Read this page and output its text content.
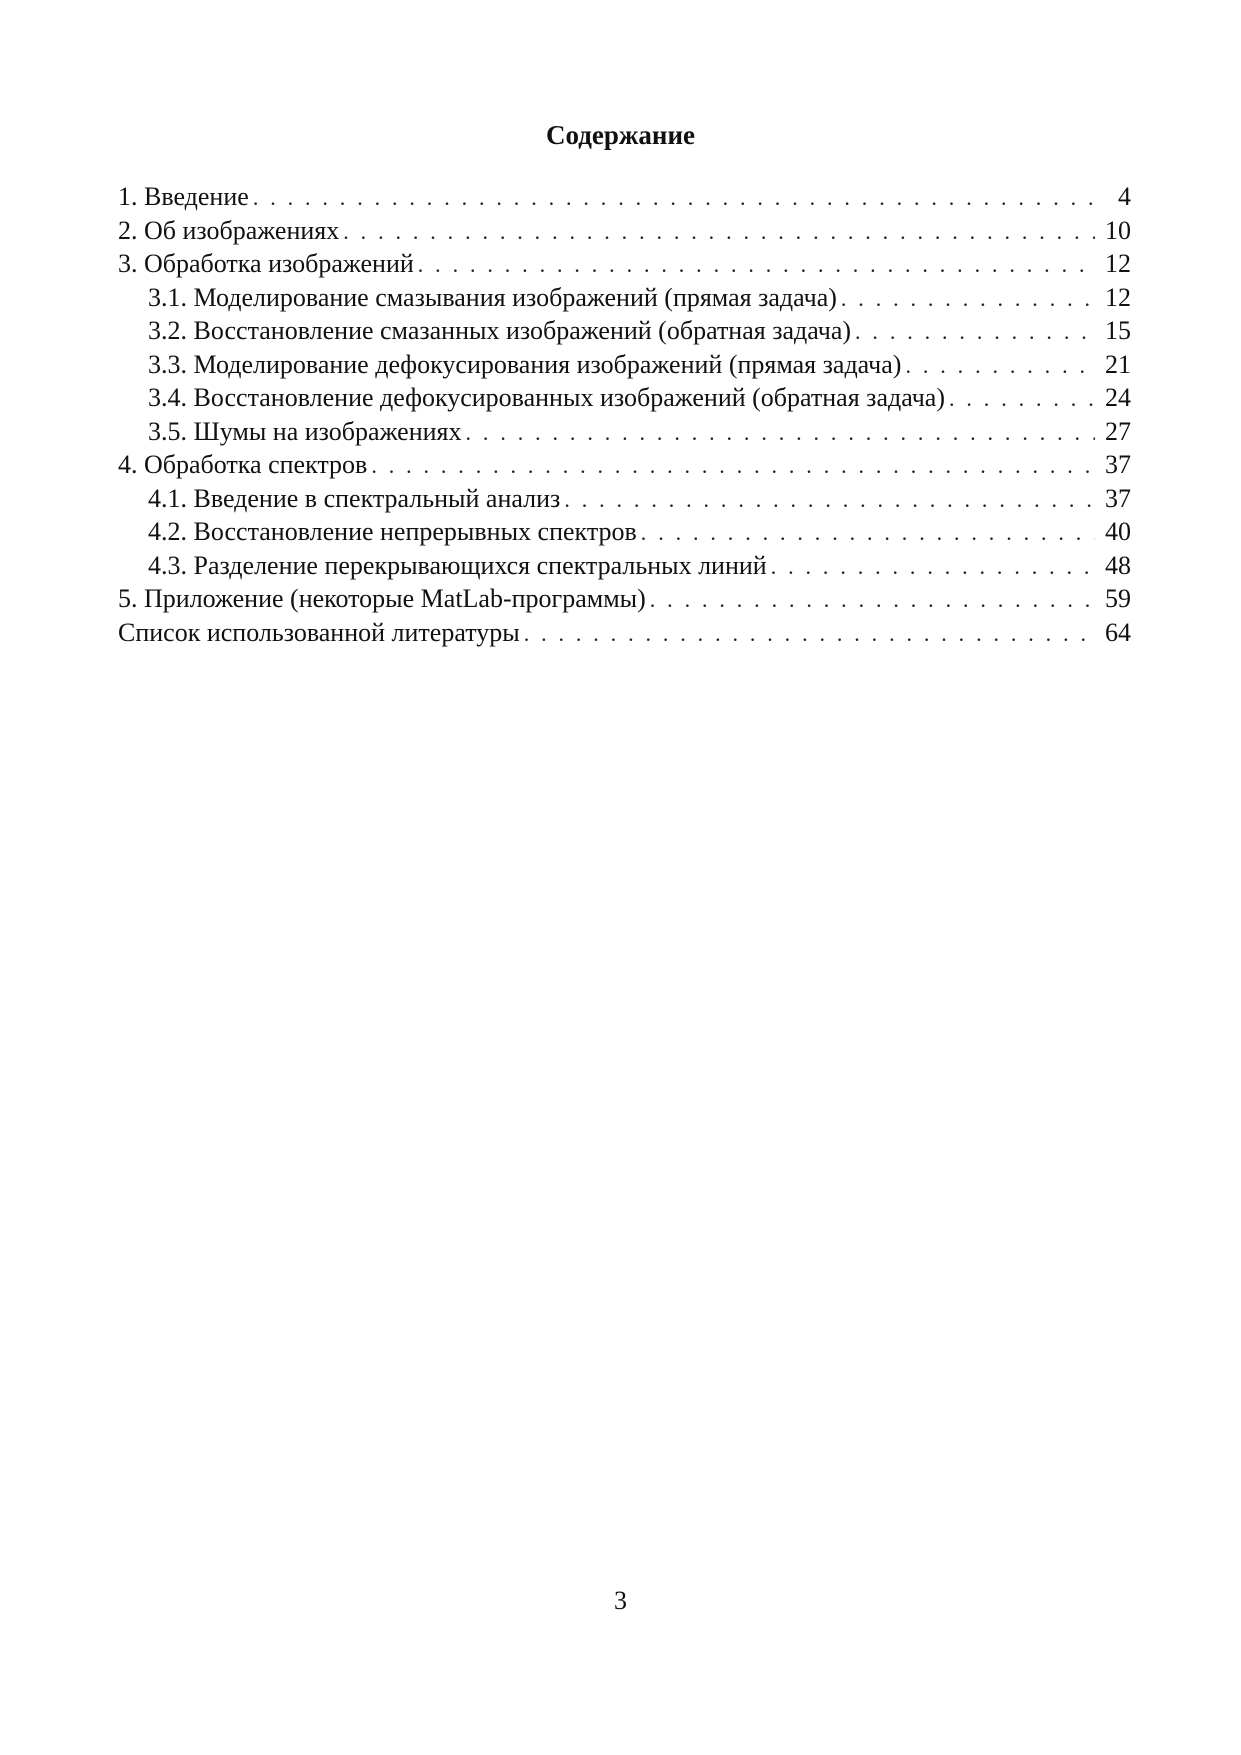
Содержание
1. Введение . . .	4
2. Об изображениях . . .	10
3. Обработка изображений . . .	12
3.1. Моделирование смазывания изображений (прямая задача) . . .	12
3.2. Восстановление смазанных изображений (обратная задача) . . .	15
3.3. Моделирование дефокусирования изображений (прямая задача) . . .	21
3.4. Восстановление дефокусированных изображений (обратная задача) . . .	24
3.5. Шумы на изображениях . . .	27
4. Обработка спектров . . .	37
4.1. Введение в спектральный анализ . . .	37
4.2. Восстановление непрерывных спектров . . .	40
4.3. Разделение перекрывающихся спектральных линий . . .	48
5. Приложение (некоторые MatLab-программы) . . .	59
Список использованной литературы . . .	64
3
